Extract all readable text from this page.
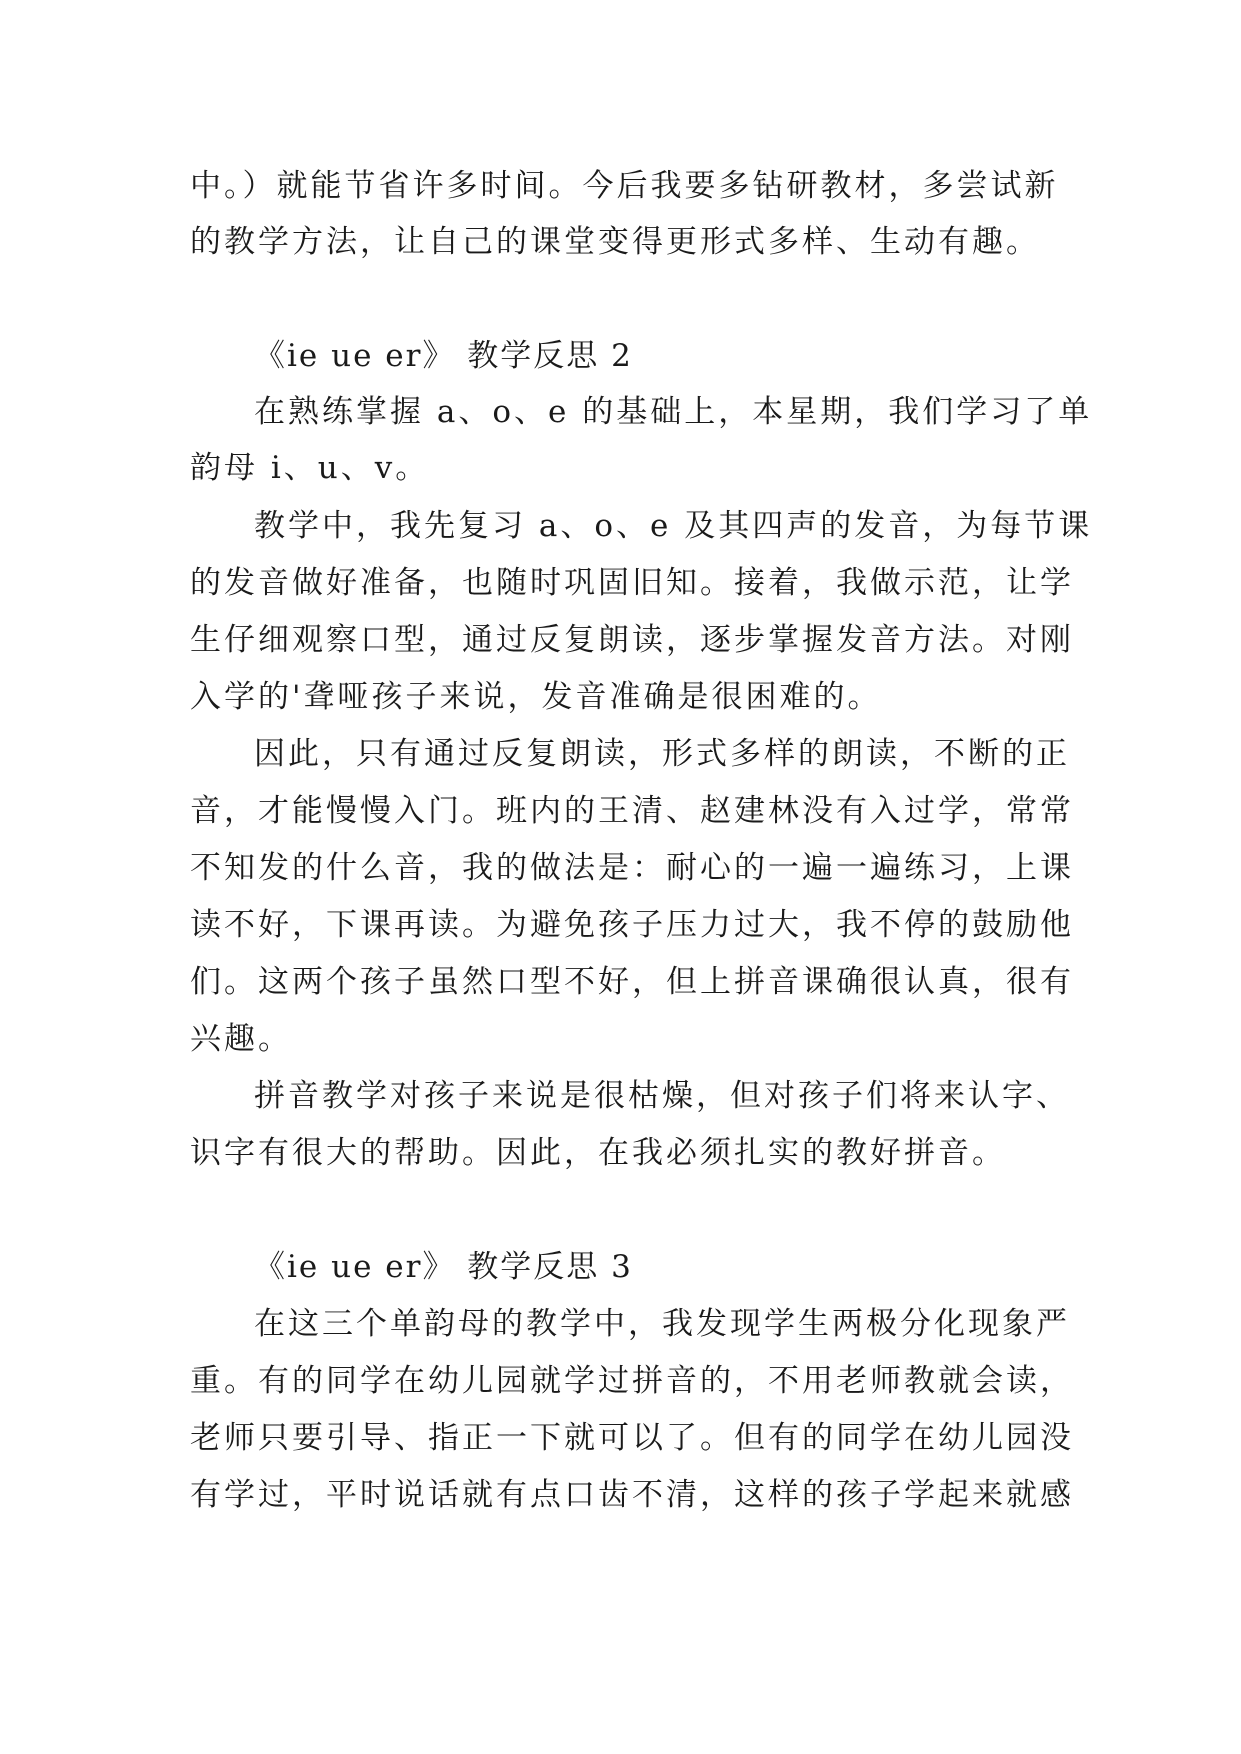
中。）就能节省许多时间。今后我要多钻研教材，多尝试新
的教学方法，让自己的课堂变得更形式多样、生动有趣。
《ie ue er》 教学反思 2
在熟练掌握 a、o、e 的基础上，本星期，我们学习了单
韵母 i、u、v。
教学中，我先复习 a、o、e 及其四声的发音，为每节课
的发音做好准备，也随时巩固旧知。接着，我做示范，让学
生仔细观察口型，通过反复朗读，逐步掌握发音方法。对刚
入学的'聋哑孩子来说，发音准确是很困难的。
因此，只有通过反复朗读，形式多样的朗读，不断的正
音，才能慢慢入门。班内的王清、赵建林没有入过学，常常
不知发的什么音，我的做法是：耐心的一遍一遍练习，上课
读不好，下课再读。为避免孩子压力过大，我不停的鼓励他
们。这两个孩子虽然口型不好，但上拼音课确很认真，很有
兴趣。
拼音教学对孩子来说是很枯燥，但对孩子们将来认字、
识字有很大的帮助。因此，在我必须扎实的教好拼音。
《ie ue er》 教学反思 3
在这三个单韵母的教学中，我发现学生两极分化现象严
重。有的同学在幼儿园就学过拼音的，不用老师教就会读，
老师只要引导、指正一下就可以了。但有的同学在幼儿园没
有学过，平时说话就有点口齿不清，这样的孩子学起来就感
